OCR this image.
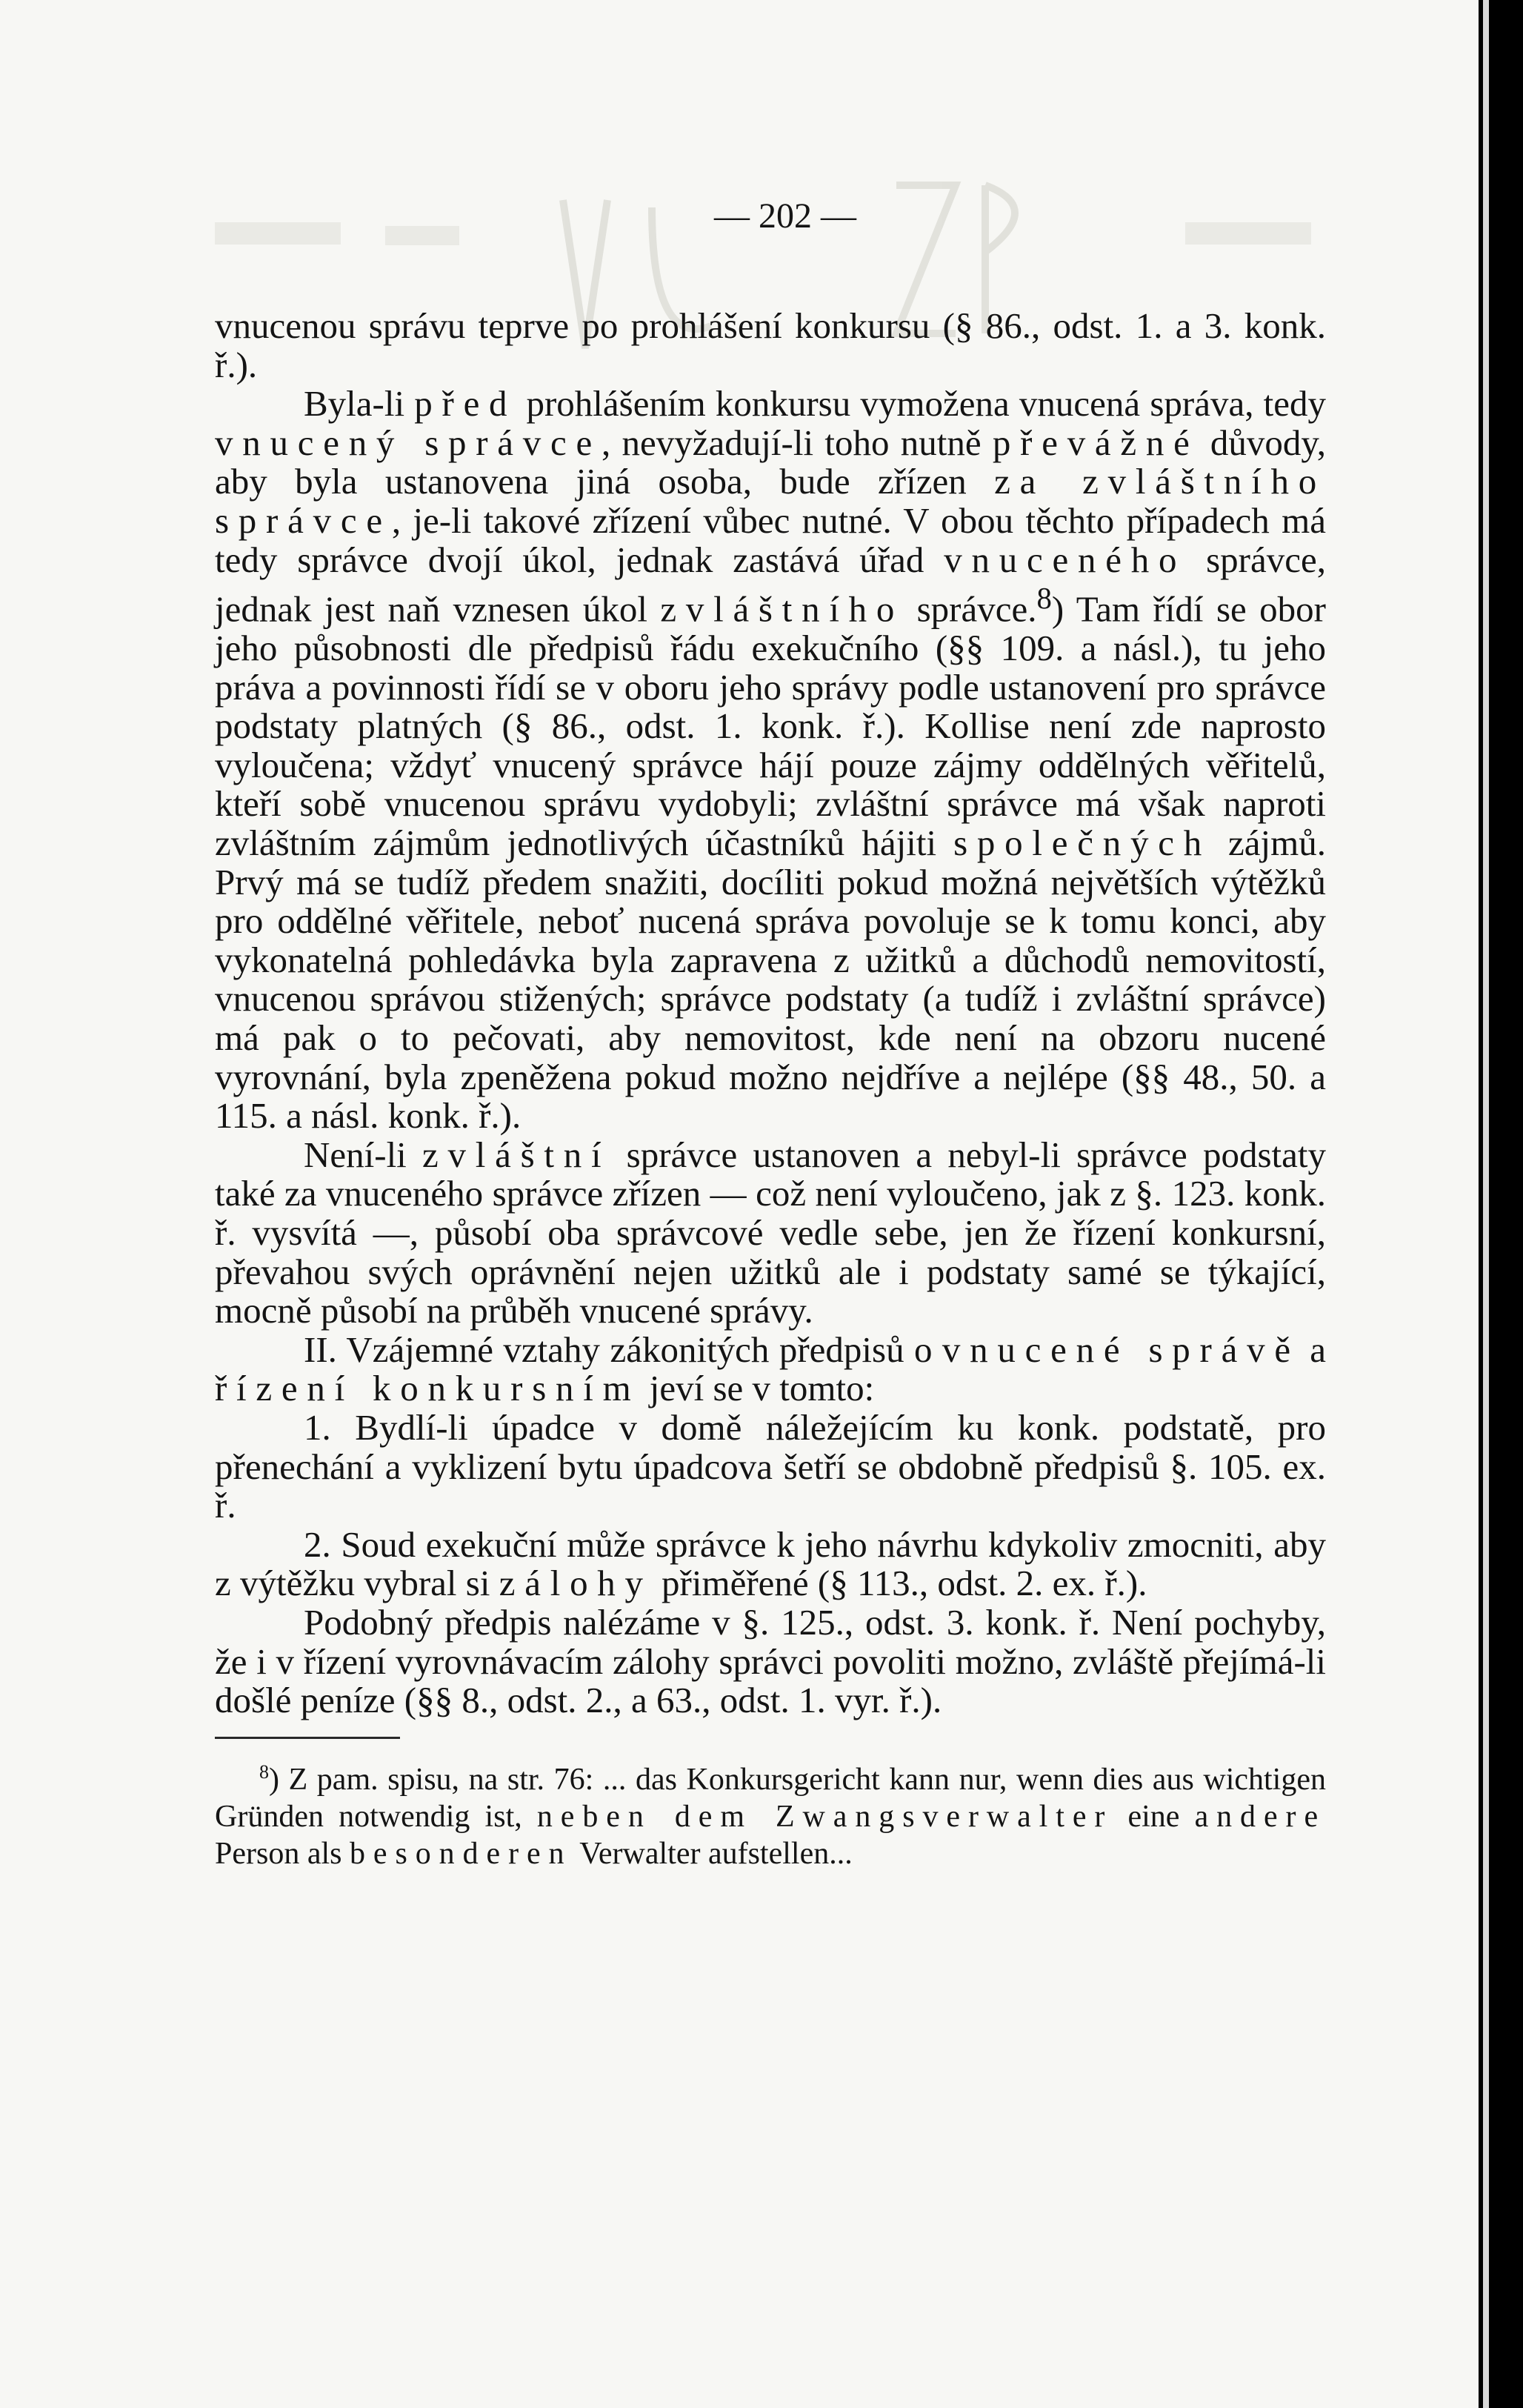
— 202 —

vnucenou správu teprve po prohlášení konkursu (§ 86., odst. 1. a 3. konk. ř.).

Byla-li před prohlášením konkursu vymožena vnucená správa, tedy vnucený správce, nevyžadují-li toho nutně převážné důvody, aby byla ustanovena jiná osoba, bude zřízen za zvláštního správce, je-li takové zřízení vůbec nutné. V obou těchto případech má tedy správce dvojí úkol, jednak zastává úřad vnuceného správce, jednak jest naň vznesen úkol zvláštního správce.$^8$) Tam řídí se obor jeho působnosti dle předpisů řádu exekučního (§§ 109. a násl.), tu jeho práva a povinnosti řídí se v oboru jeho správy podle ustanovení pro správce podstaty platných (§ 86., odst. 1. konk. ř.). Kollise není zde naprosto vyloučena; vždyť vnucený správce hájí pouze zájmy oddělných věřitelů, kteří sobě vnucenou správu vydobyli; zvláštní správce má však naproti zvláštním zájmům jednotlivých účastníků hájiti společných zájmů. Prvý má se tudíž předem snažiti, docíliti pokud možná největších výtěžků pro oddělné věřitele, neboť nucená správa povoluje se k tomu konci, aby vykonatelná pohledávka byla zapravena z užitků a důchodů nemovitostí, vnucenou správou stižených; správce podstaty (a tudíž i zvláštní správce) má pak o to pečovati, aby nemovitost, kde není na obzoru nucené vyrovnání, byla zpeněžena pokud možno nejdříve a nejlépe (§§ 48., 50. a 115. a násl. konk. ř.).

Není-li zvláštní správce ustanoven a nebyl-li správce podstaty také za vnuceného správce zřízen — což není vyloučeno, jak z §. 123. konk. ř. vysvítá —, působí oba správcové vedle sebe, jen že řízení konkursní, převahou svých oprávnění nejen užitků ale i podstaty samé se týkající, mocně působí na průběh vnucené správy.

II. Vzájemné vztahy zákonitých předpisů o vnucené správě a řízení konkursním jeví se v tomto:

1. Bydlí-li úpadce v domě náležejícím ku konk. podstatě, pro přenechání a vyklizení bytu úpadcova šetří se obdobně předpisů §. 105. ex. ř.

2. Soud exekuční může správce k jeho návrhu kdykoliv zmocniti, aby z výtěžku vybral si zálohy přiměřené (§ 113., odst. 2. ex. ř.).

Podobný předpis nalézáme v §. 125., odst. 3. konk. ř. Není pochyby, že i v řízení vyrovnávacím zálohy správci povoliti možno, zvláště přejímá-li došlé peníze (§§ 8., odst. 2., a 63., odst. 1. vyr. ř.).

$^8$) Z pam. spisu, na str. 76: ... das Konkursgericht kann nur, wenn dies aus wichtigen Gründen notwendig ist, neben dem Zwangsverwalter eine andere Person als besonderen Verwalter aufstellen...
